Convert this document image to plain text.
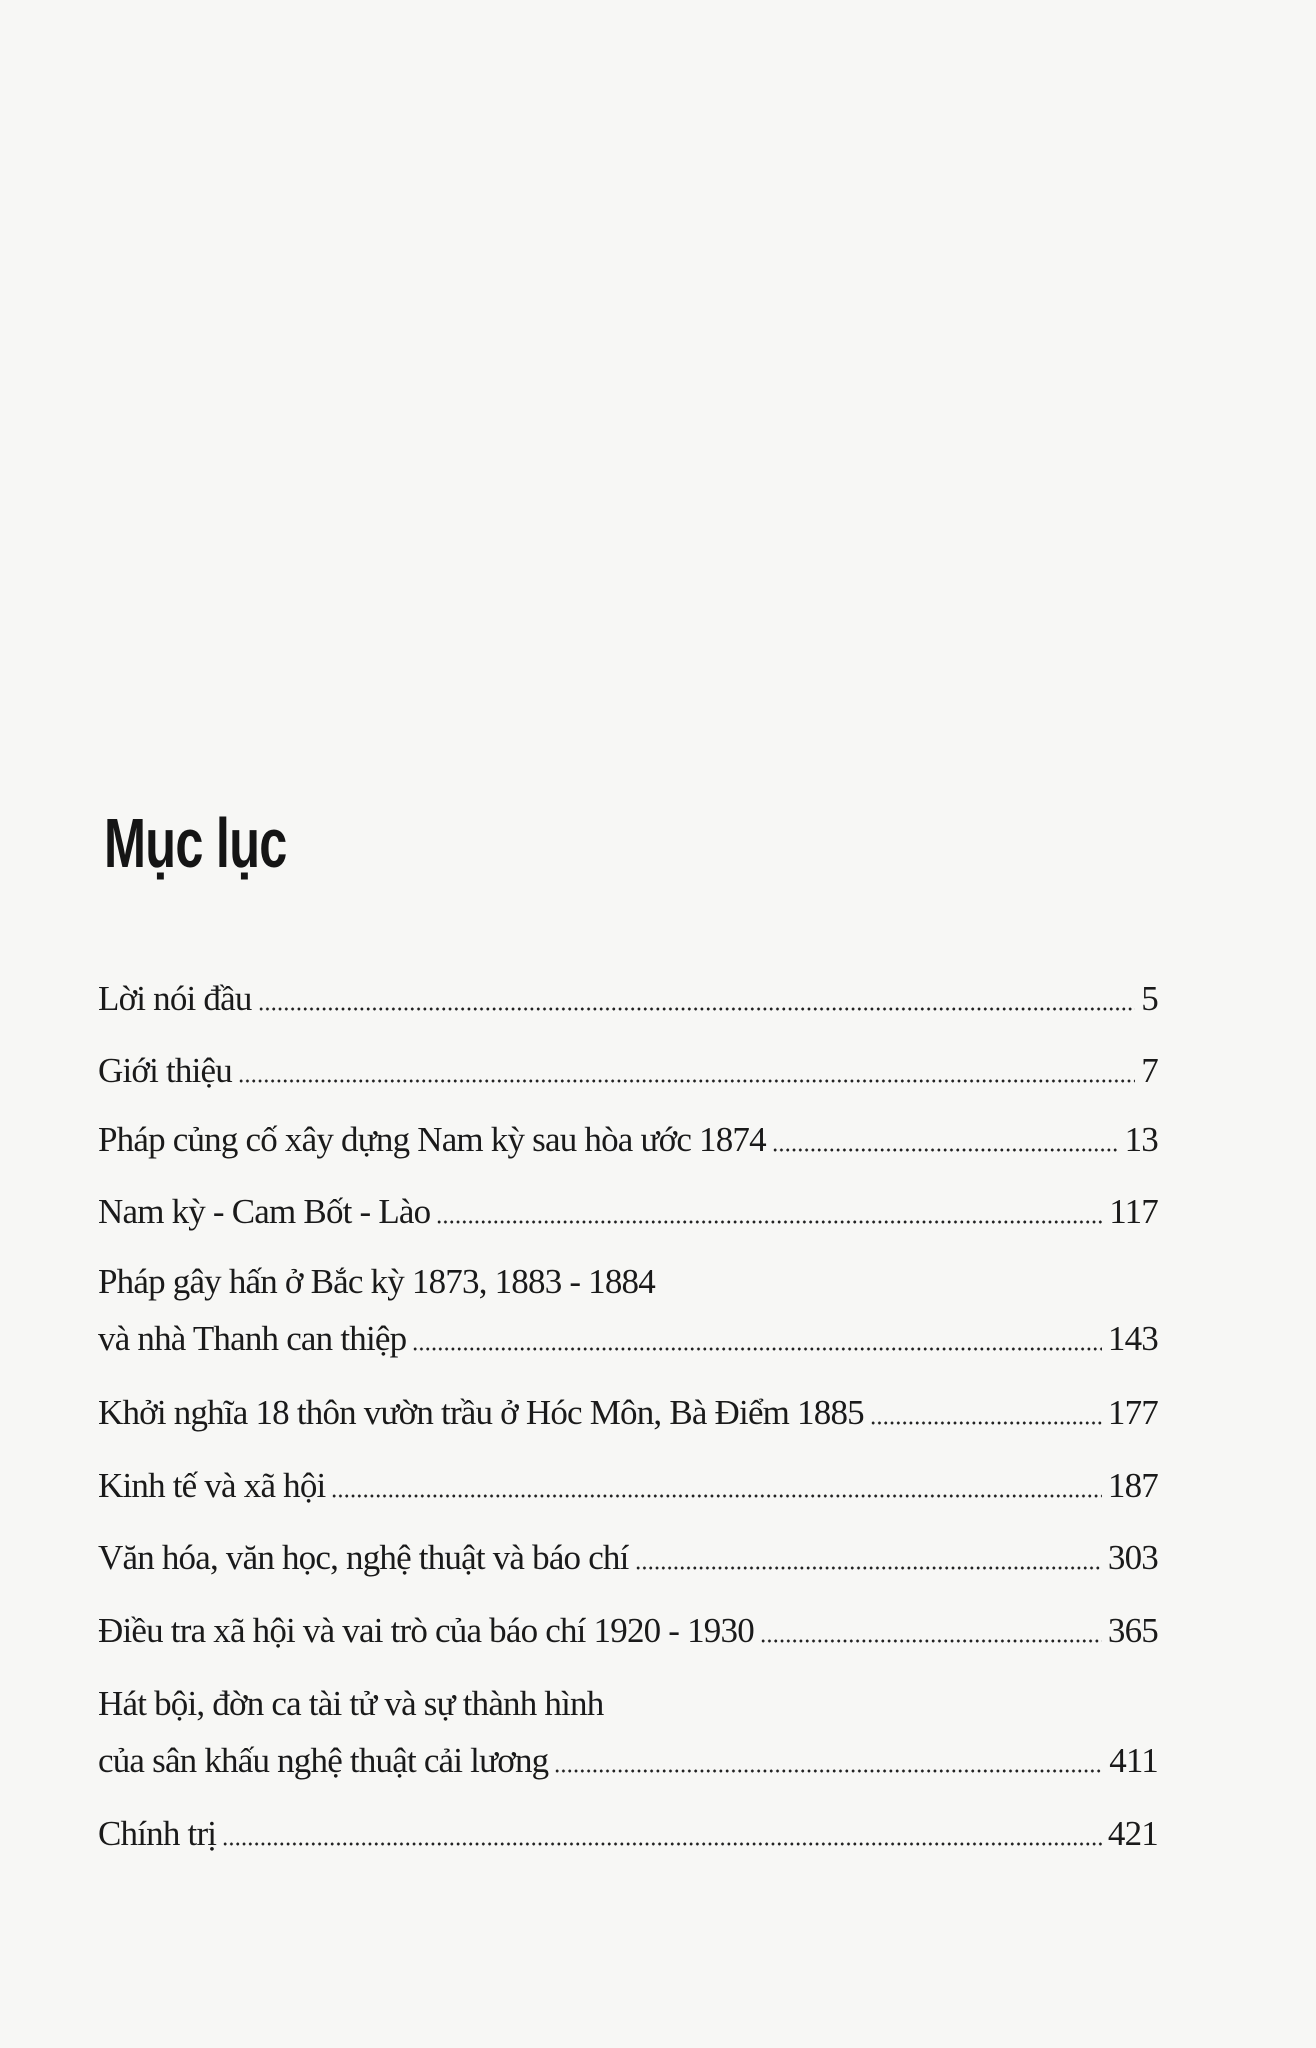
Mục lục
Lời nói đầu	5
Giới thiệu	7
Pháp củng cố xây dựng Nam kỳ sau hòa ước 1874	13
Nam kỳ - Cam Bốt - Lào	117
Pháp gây hấn ở Bắc kỳ 1873, 1883 - 1884
và nhà Thanh can thiệp	143
Khởi nghĩa 18 thôn vườn trầu ở Hóc Môn, Bà Điểm 1885	177
Kinh tế và xã hội	187
Văn hóa, văn học, nghệ thuật và báo chí	303
Điều tra xã hội và vai trò của báo chí 1920 - 1930	365
Hát bội, đờn ca tài tử và sự thành hình
của sân khấu nghệ thuật cải lương	411
Chính trị	421
